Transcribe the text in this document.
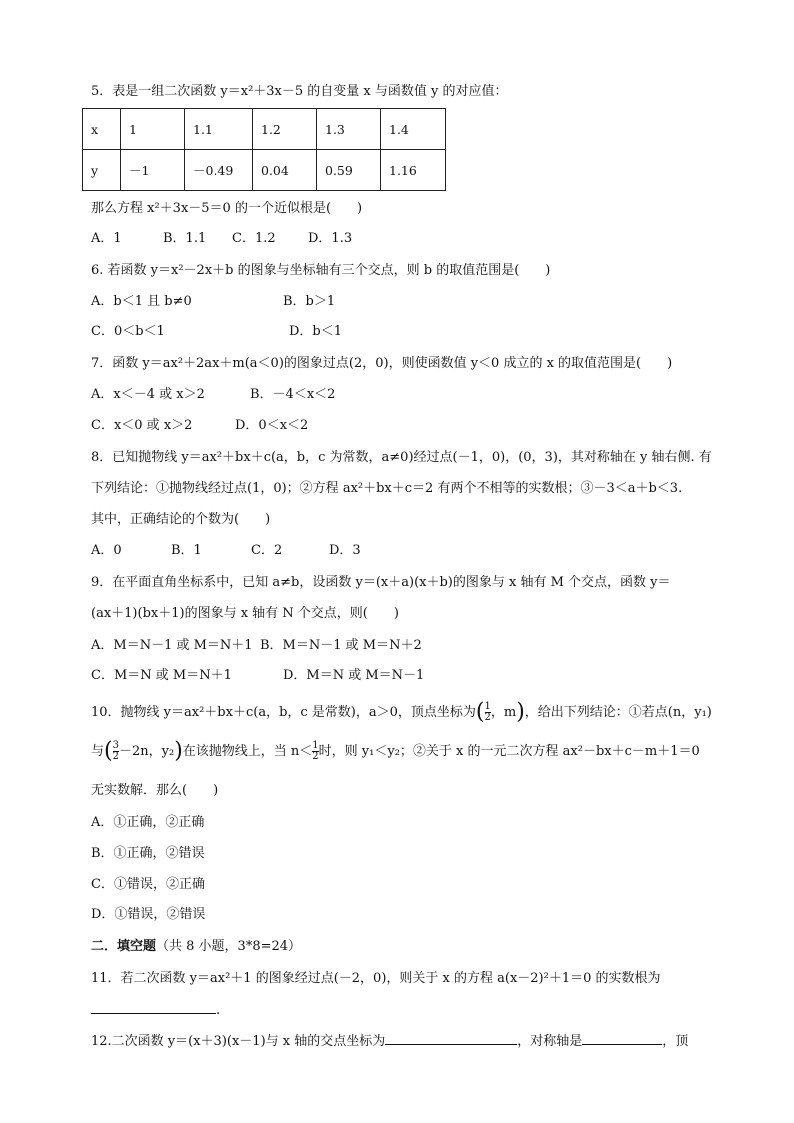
5．表是一组二次函数 y＝x²＋3x－5 的自变量 x 与函数值 y 的对应值：
x	1	1.1	1.2	1.3	1.4
y	－1	－0.49	0.04	0.59	1.16
那么方程 x²＋3x－5＝0 的一个近似根是(　　)
A．1	B．1.1 C．1.2 D．1.3
6. 若函数 y＝x²－2x＋b 的图象与坐标轴有三个交点，则 b 的取值范围是(　　)
A．b＜1 且 b≠0	B．b＞1
C．0＜b＜1	D．b＜1
7．函数 y＝ax²＋2ax＋m(a＜0)的图象过点(2，0)，则使函数值 y＜0 成立的 x 的取值范围是(　　)
A．x＜－4 或 x＞2	B．－4＜x＜2
C．x＜0 或 x＞2	D．0＜x＜2
8．已知抛物线 y＝ax²＋bx＋c(a，b，c 为常数，a≠0)经过点(－1，0)，(0，3)，其对称轴在 y 轴右侧. 有
下列结论：①抛物线经过点(1，0)；②方程 ax²＋bx＋c＝2 有两个不相等的实数根；③－3＜a＋b＜3.
其中，正确结论的个数为(　　)
A．0	B．1	C．2	D．3
9．在平面直角坐标系中，已知 a≠b，设函数 y＝(x＋a)(x＋b)的图象与 x 轴有 M 个交点，函数 y＝
(ax＋1)(bx＋1)的图象与 x 轴有 N 个交点，则(　　)
A．M＝N－1 或 M＝N＋1 B．M＝N－1 或 M＝N＋2
C．M＝N 或 M＝N＋1	D．M＝N 或 M＝N－1
10．抛物线 y＝ax²＋bx＋c(a，b，c 是常数)，a＞0，顶点坐标为( $\frac{1}{2}$ ，m)，给出下列结论：①若点(n，y₁)
与( $\frac{3}{2} -2n$，y₂)在该抛物线上，当 $n< \frac{1}{2}$ 时，则 y₁＜y₂；②关于 x 的一元二次方程 ax²－bx＋c－m＋1＝0
无实数解．那么(　　)
A．①正确，②正确
B．①正确，②错误
C．①错误，②正确
D．①错误，②错误
二．填空题（共 8 小题，3*8=24）
11．若二次函数 y＝ax²＋1 的图象经过点(－2，0)，则关于 x 的方程 a(x－2)²＋1＝0 的实数根为
.
12.二次函数 y＝(x＋3)(x－1)与 x 轴的交点坐标为	，对称轴是	，顶
